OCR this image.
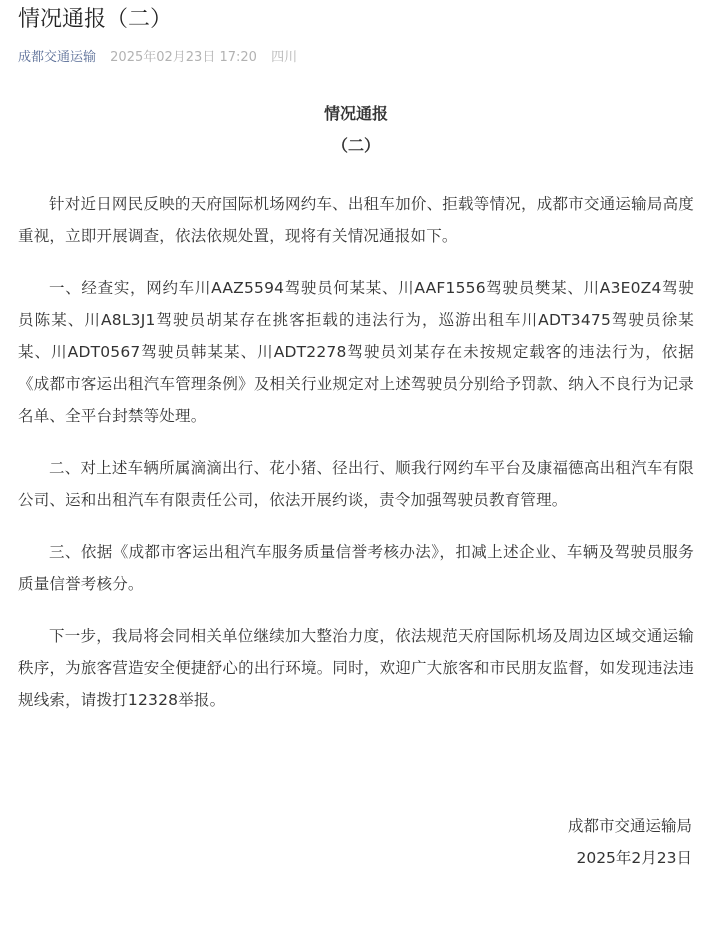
情况通报（二）
成都交通运输 2025年02月23日 17:20 四川
情况通报
（二）

针对近日网民反映的天府国际机场网约车、出租车加价、拒载等情况，成都市交通运输局高度重视，立即开展调查，依法依规处置，现将有关情况通报如下。

一、经查实，网约车川AAZ5594驾驶员何某某、川AAF1556驾驶员樊某、川A3E0Z4驾驶员陈某、川A8L3J1驾驶员胡某存在挑客拒载的违法行为，巡游出租车川ADT3475驾驶员徐某某、川ADT0567驾驶员韩某某、川ADT2278驾驶员刘某存在未按规定载客的违法行为，依据《成都市客运出租汽车管理条例》及相关行业规定对上述驾驶员分别给予罚款、纳入不良行为记录名单、全平台封禁等处理。

二、对上述车辆所属滴滴出行、花小猪、径出行、顺我行网约车平台及康福德高出租汽车有限公司、运和出租汽车有限责任公司，依法开展约谈，责令加强驾驶员教育管理。

三、依据《成都市客运出租汽车服务质量信誉考核办法》，扣减上述企业、车辆及驾驶员服务质量信誉考核分。

下一步，我局将会同相关单位继续加大整治力度，依法规范天府国际机场及周边区域交通运输秩序，为旅客营造安全便捷舒心的出行环境。同时，欢迎广大旅客和市民朋友监督，如发现违法违规线索，请拨打12328举报。

成都市交通运输局
2025年2月23日
